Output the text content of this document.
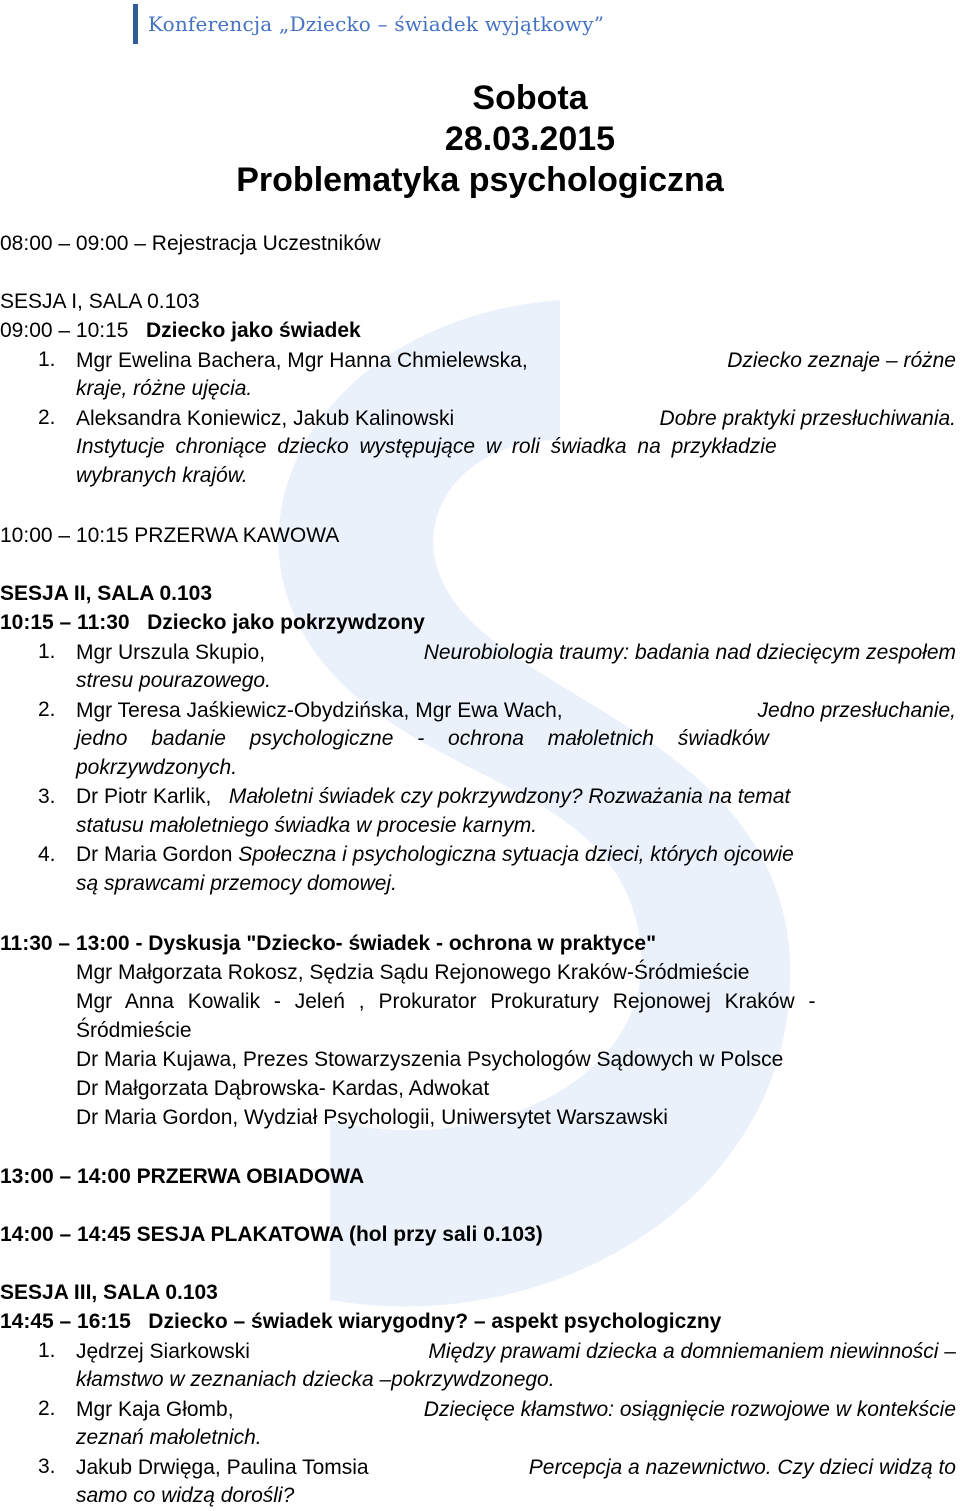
Konferencja „Dziecko – świadek wyjątkowy”
Sobota
28.03.2015
Problematyka psychologiczna
08:00 – 09:00 – Rejestracja Uczestników
SESJA I, SALA 0.103
09:00 – 10:15 Dziecko jako świadek
1. Mgr Ewelina Bachera, Mgr Hanna Chmielewska,	Dziecko zeznaje – różne
kraje, różne ujęcia.
2. Aleksandra Koniewicz, Jakub Kalinowski	Dobre praktyki przesłuchiwania.
Instytucje chroniące dziecko występujące w roli świadka na przykładzie
wybranych krajów.
10:00 – 10:15 PRZERWA KAWOWA
SESJA II, SALA 0.103
10:15 – 11:30 Dziecko jako pokrzywdzony
1. Mgr Urszula Skupio,	Neurobiologia traumy: badania nad dziecięcym zespołem
stresu pourazowego.
2. Mgr Teresa Jaśkiewicz-Obydzińska, Mgr Ewa Wach,	Jedno przesłuchanie,
jedno badanie psychologiczne - ochrona małoletnich świadków
pokrzywdzonych.
3. Dr Piotr Karlik, Małoletni świadek czy pokrzywdzony? Rozważania na temat
statusu małoletniego świadka w procesie karnym.
4. Dr Maria Gordon Społeczna i psychologiczna sytuacja dzieci, których ojcowie
są sprawcami przemocy domowej.
11:30 – 13:00 - Dyskusja "Dziecko- świadek - ochrona w praktyce"
Mgr Małgorzata Rokosz, Sędzia Sądu Rejonowego Kraków-Śródmieście
Mgr Anna Kowalik - Jeleń , Prokurator Prokuratury Rejonowej Kraków -
Śródmieście
Dr Maria Kujawa, Prezes Stowarzyszenia Psychologów Sądowych w Polsce
Dr Małgorzata Dąbrowska- Kardas, Adwokat
Dr Maria Gordon, Wydział Psychologii, Uniwersytet Warszawski
13:00 – 14:00 PRZERWA OBIADOWA
14:00 – 14:45 SESJA PLAKATOWA (hol przy sali 0.103)
SESJA III, SALA 0.103
14:45 – 16:15 Dziecko – świadek wiarygodny? – aspekt psychologiczny
1. Jędrzej Siarkowski	Między prawami dziecka a domniemaniem niewinności –
kłamstwo w zeznaniach dziecka –pokrzywdzonego.
2. Mgr Kaja Głomb,	Dziecięce kłamstwo: osiągnięcie rozwojowe w kontekście
zeznań małoletnich.
3. Jakub Drwięga, Paulina Tomsia	Percepcja a nazewnictwo. Czy dzieci widzą to
samo co widzą dorośli?
